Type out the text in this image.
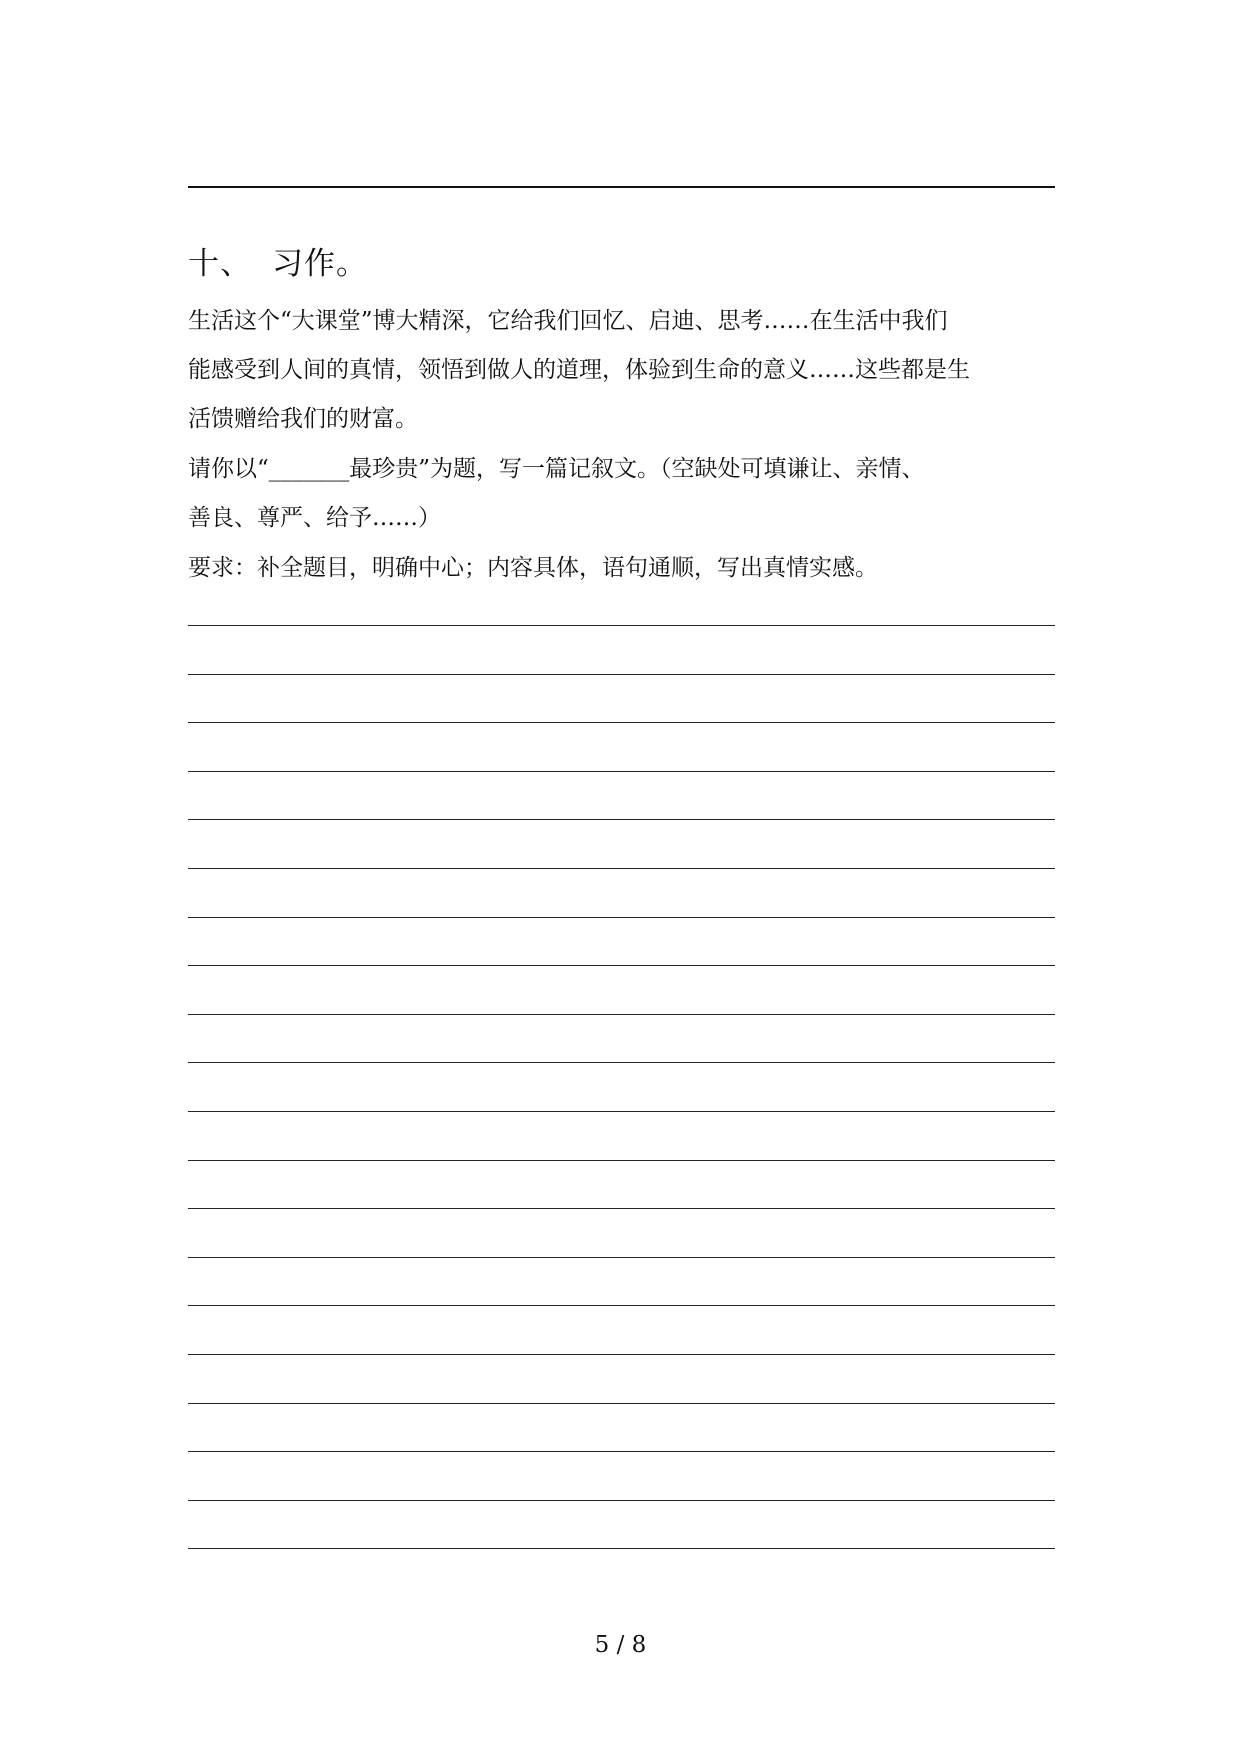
十、 习作。
生活这个“大课堂”博大精深，它给我们回忆、启迪、思考……在生活中我们
能感受到人间的真情，领悟到做人的道理，体验到生命的意义……这些都是生
活馈赠给我们的财富。
请你以“_______最珍贵”为题，写一篇记叙文。（空缺处可填谦让、亲情、
善良、尊严、给予……）
要求：补全题目，明确中心；内容具体，语句通顺，写出真情实感。
5 / 8
